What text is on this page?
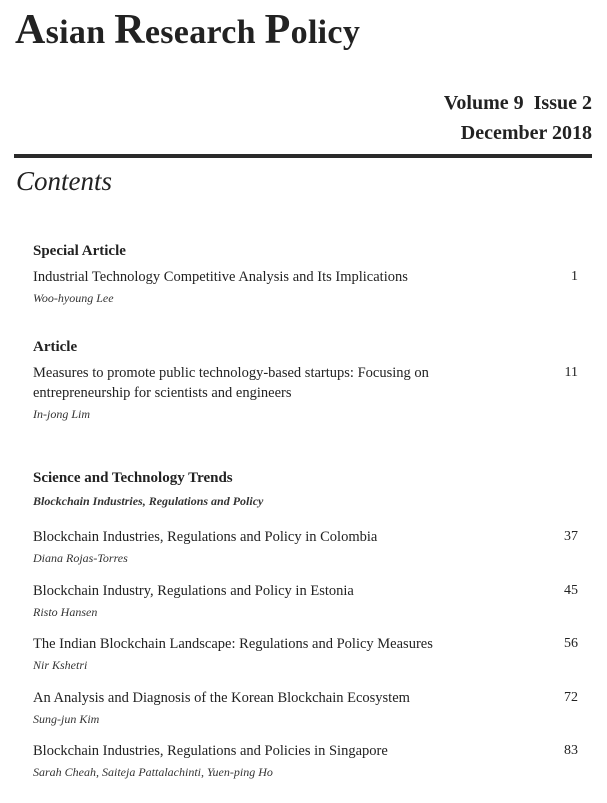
Asian Research Policy
Volume 9  Issue 2
December 2018
Contents
Special Article
Industrial Technology Competitive Analysis and Its Implications
Woo-hyoung Lee
1
Article
Measures to promote public technology-based startups: Focusing on entrepreneurship for scientists and engineers
In-jong Lim
11
Science and Technology Trends
Blockchain Industries, Regulations and Policy
Blockchain Industries, Regulations and Policy in Colombia
Diana Rojas-Torres
37
Blockchain Industry, Regulations and Policy in Estonia
Risto Hansen
45
The Indian Blockchain Landscape: Regulations and Policy Measures
Nir Kshetri
56
An Analysis and Diagnosis of the Korean Blockchain Ecosystem
Sung-jun Kim
72
Blockchain Industries, Regulations and Policies in Singapore
Sarah Cheah, Saiteja Pattalachinti, Yuen-ping Ho
83
